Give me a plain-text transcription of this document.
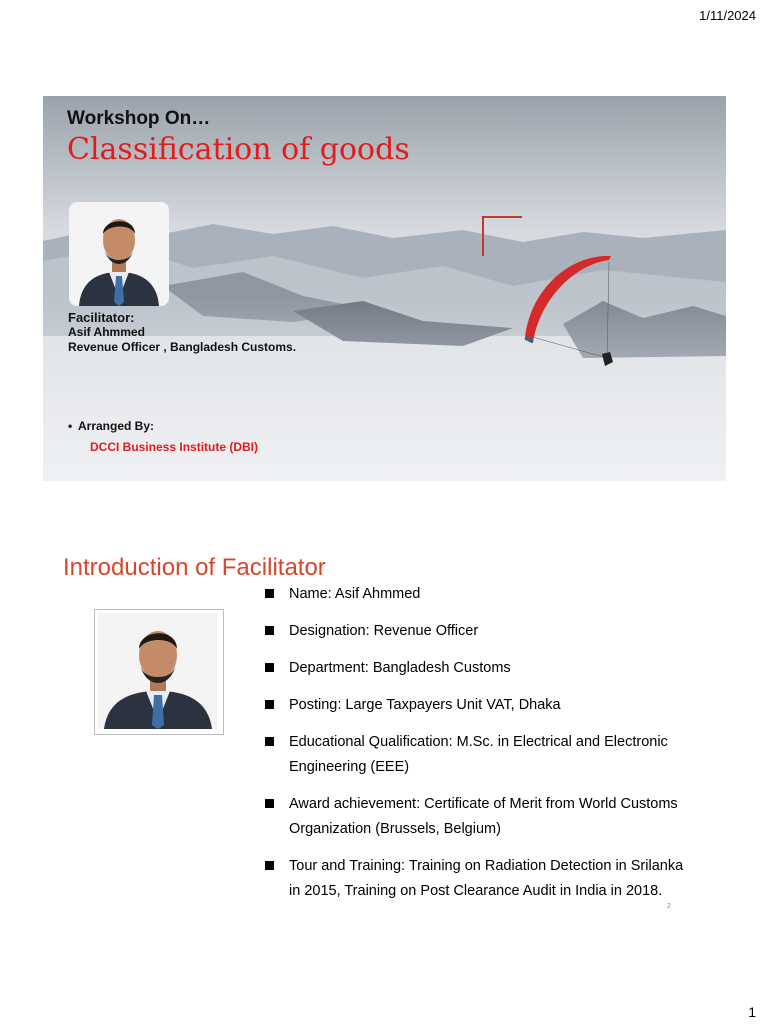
1/11/2024
Workshop On…
Classification of goods
Facilitator:
Asif Ahmmed
Revenue Officer , Bangladesh Customs.
• Arranged By:
DCCI Business Institute (DBI)
Introduction of Facilitator
Name: Asif Ahmmed
Designation: Revenue Officer
Department: Bangladesh Customs
Posting: Large Taxpayers Unit VAT, Dhaka
Educational Qualification: M.Sc. in Electrical and Electronic Engineering (EEE)
Award achievement: Certificate of Merit from World Customs Organization (Brussels, Belgium)
Tour and Training: Training on Radiation Detection in Srilanka in 2015, Training on Post Clearance Audit in India in 2018.
2
1
